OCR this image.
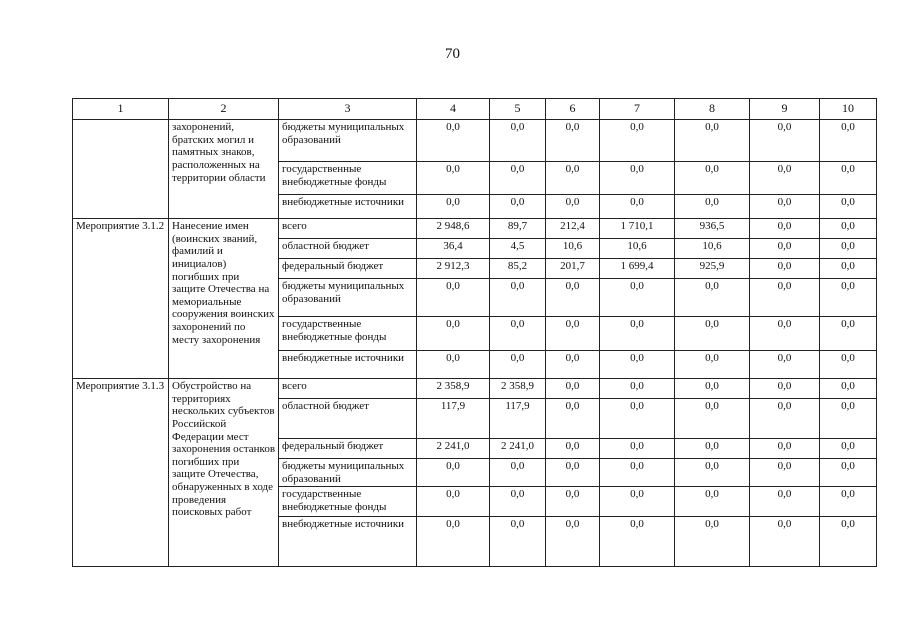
70
1	2	3	4	5	6	7	8	9	10
	захоронений, братских могил и памятных знаков, расположенных на территории области	бюджеты муниципальных образований	0,0	0,0	0,0	0,0	0,0	0,0	0,0
		государственные внебюджетные фонды	0,0	0,0	0,0	0,0	0,0	0,0	0,0
		внебюджетные источники	0,0	0,0	0,0	0,0	0,0	0,0	0,0
Мероприятие 3.1.2	Нанесение имен (воинских званий, фамилий и инициалов) погибших при защите Отечества на мемориальные сооружения воинских захоронений по месту захоронения	всего	2 948,6	89,7	212,4	1 710,1	936,5	0,0	0,0
		областной бюджет	36,4	4,5	10,6	10,6	10,6	0,0	0,0
		федеральный бюджет	2 912,3	85,2	201,7	1 699,4	925,9	0,0	0,0
		бюджеты муниципальных образований	0,0	0,0	0,0	0,0	0,0	0,0	0,0
		государственные внебюджетные фонды	0,0	0,0	0,0	0,0	0,0	0,0	0,0
		внебюджетные источники	0,0	0,0	0,0	0,0	0,0	0,0	0,0
Мероприятие 3.1.3	Обустройство на территориях нескольких субъектов Российской Федерации мест захоронения останков погибших при защите Отечества, обнаруженных в ходе проведения поисковых работ	всего	2 358,9	2 358,9	0,0	0,0	0,0	0,0	0,0
		областной бюджет	117,9	117,9	0,0	0,0	0,0	0,0	0,0
		федеральный бюджет	2 241,0	2 241,0	0,0	0,0	0,0	0,0	0,0
		бюджеты муниципальных образований	0,0	0,0	0,0	0,0	0,0	0,0	0,0
		государственные внебюджетные фонды	0,0	0,0	0,0	0,0	0,0	0,0	0,0
		внебюджетные источники	0,0	0,0	0,0	0,0	0,0	0,0	0,0
